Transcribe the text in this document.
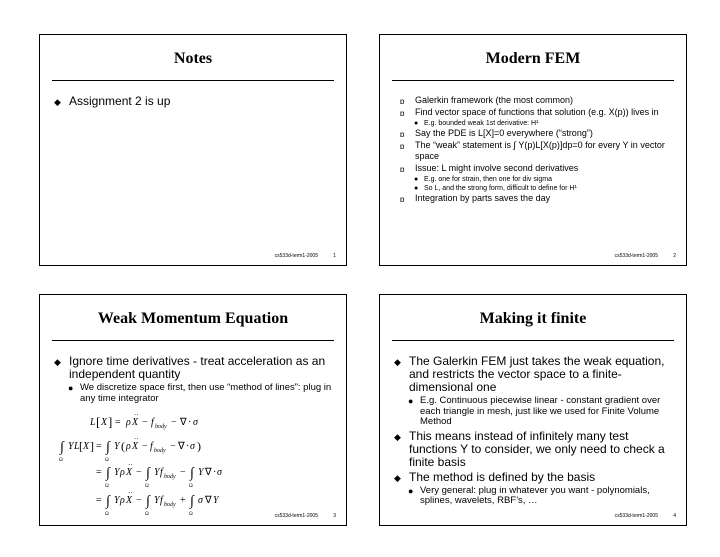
Notes
◆ Assignment 2 is up
cs533d-term1-2005	1
Modern FEM
ɒ Galerkin framework (the most common)
ɒ Find vector space of functions that solution (e.g. X(p)) lives in
● E.g. bounded weak 1st derivative: H¹
ɒ Say the PDE is L[X]=0 everywhere (“strong”)
ɒ The “weak” statement is ∫ Y(p)L[X(p)]dp=0 for every Y in vector space
ɒ Issue: L might involve second derivatives
● E.g. one for strain, then one for div sigma
● So L, and the strong form, difficult to define for H¹
ɒ Integration by parts saves the day
cs533d-term1-2005	2
Weak Momentum Equation
◆ Ignore time derivatives - treat acceleration as an independent quantity
● We discretize space first, then use “method of lines”: plug in any time integrator
L [ X ] = ρ X
··
− f body − ∇ · σ
∫
Ω
Y L [ X ] = ∫
Ω
Y ( ρ X
··
− f body − ∇ · σ )
= ∫
Ω
Y ρ X
··
− ∫
Ω
Y f body − ∫
Ω
Y ∇ · σ
= ∫
Ω
Y ρ X
··
− ∫
Ω
Y f body + ∫
Ω
σ ∇ Y
cs533d-term1-2005	3
Making it finite
◆ The Galerkin FEM just takes the weak equation, and restricts the vector space to a finite-dimensional one
● E.g. Continuous piecewise linear - constant gradient over each triangle in mesh, just like we used for Finite Volume Method
◆ This means instead of infinitely many test functions Y to consider, we only need to check a finite basis
◆ The method is defined by the basis
● Very general: plug in whatever you want - polynomials, splines, wavelets, RBF’s, …
cs533d-term1-2005	4
